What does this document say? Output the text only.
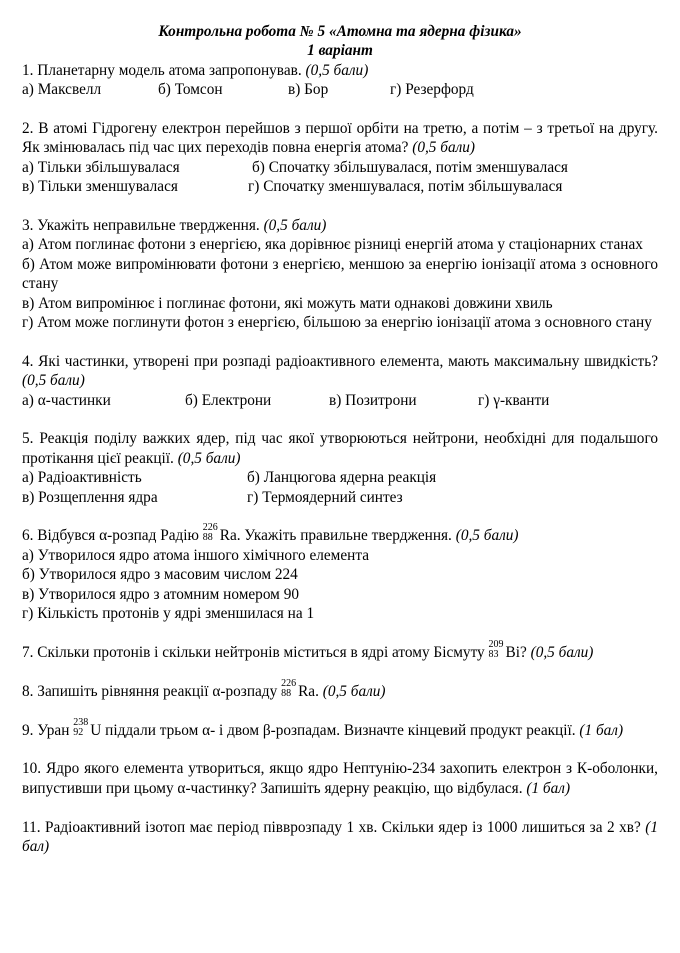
Контрольна робота № 5 «Атомна та ядерна фізика»
1 варіант
1. Планетарну модель атома запропонував. (0,5 бали)
а) Максвелл	б) Томсон	в) Бор	г) Резерфорд
2. В атомі Гідрогену електрон перейшов з першої орбіти на третю, а потім – з третьої на другу. Як змінювалась під час цих переходів повна енергія атома? (0,5 бали)
а) Тільки збільшувалася	б) Спочатку збільшувалася, потім зменшувалася
в) Тільки зменшувалася	г) Спочатку зменшувалася, потім збільшувалася
3. Укажіть неправильне твердження. (0,5 бали)
а) Атом поглинає фотони з енергією, яка дорівнює різниці енергій атома у стаціонарних станах
б) Атом може випромінювати фотони з енергією, меншою за енергію іонізації атома з основного стану
в) Атом випромінює і поглинає фотони, які можуть мати однакові довжини хвиль
г) Атом може поглинути фотон з енергією, більшою за енергію іонізації атома з основного стану
4. Які частинки, утворені при розпаді радіоактивного елемента, мають максимальну швидкість? (0,5 бали)
а) α-частинки	б) Електрони	в) Позитрони	г) γ-кванти
5. Реакція поділу важких ядер, під час якої утворюються нейтрони, необхідні для подальшого протікання цієї реакції. (0,5 бали)
а) Радіоактивність	б) Ланцюгова ядерна реакція
в) Розщеплення ядра	г) Термоядерний синтез
6. Відбувся α-розпад Радію 226
88 Ra. Укажіть правильне твердження. (0,5 бали)
а) Утворилося ядро атома іншого хімічного елемента
б) Утворилося ядро з масовим числом 224
в) Утворилося ядро з атомним номером 90
г) Кількість протонів у ядрі зменшилася на 1
7. Скільки протонів і скільки нейтронів міститься в ядрі атому Бісмуту 209
83 Bi? (0,5 бали)
8. Запишіть рівняння реакції α-розпаду 226
88 Ra. (0,5 бали)
9. Уран 238
92 U піддали трьом α- і двом β-розпадам. Визначте кінцевий продукт реакції. (1 бал)
10. Ядро якого елемента утвориться, якщо ядро Нептунію-234 захопить електрон з К-оболонки, випустивши при цьому α-частинку? Запишіть ядерну реакцію, що відбулася. (1 бал)
11. Радіоактивний ізотоп має період півврозпаду 1 хв. Скільки ядер із 1000 лишиться за 2 хв? (1 бал)
